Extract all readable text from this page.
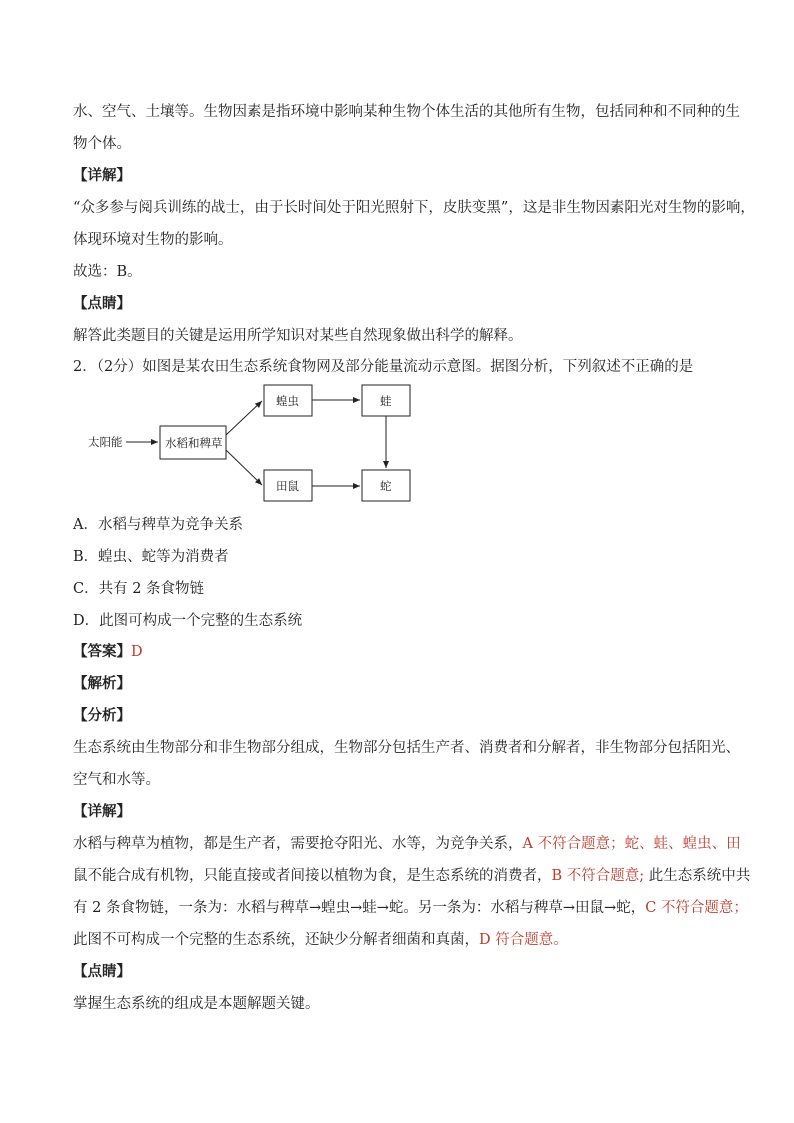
水、空气、土壤等。生物因素是指环境中影响某种生物个体生活的其他所有生物，包括同种和不同种的生
物个体。
【详解】
“众多参与阅兵训练的战士，由于长时间处于阳光照射下，皮肤变黑”，这是非生物因素阳光对生物的影响，
体现环境对生物的影响。
故选：B。
【点睛】
解答此类题目的关键是运用所学知识对某些自然现象做出科学的解释。
2．（2分）如图是某农田生态系统食物网及部分能量流动示意图。据图分析，下列叙述不正确的是
太阳能	水稻和稗草
蝗虫	蛙
田鼠	蛇
A．水稻与稗草为竞争关系
B．蝗虫、蛇等为消费者
C．共有 2 条食物链
D．此图可构成一个完整的生态系统
【答案】D
【解析】
【分析】
生态系统由生物部分和非生物部分组成，生物部分包括生产者、消费者和分解者，非生物部分包括阳光、
空气和水等。
【详解】
水稻与稗草为植物，都是生产者，需要抢夺阳光、水等，为竞争关系，A 不符合题意；蛇、蛙、蝗虫、田
鼠不能合成有机物，只能直接或者间接以植物为食，是生态系统的消费者，B 不符合题意; 此生态系统中共
有 2 条食物链，一条为：水稻与稗草→蝗虫→蛙→蛇。另一条为：水稻与稗草→田鼠→蛇，C 不符合题意；
此图不可构成一个完整的生态系统，还缺少分解者细菌和真菌，D 符合题意。
【点睛】
掌握生态系统的组成是本题解题关键。
